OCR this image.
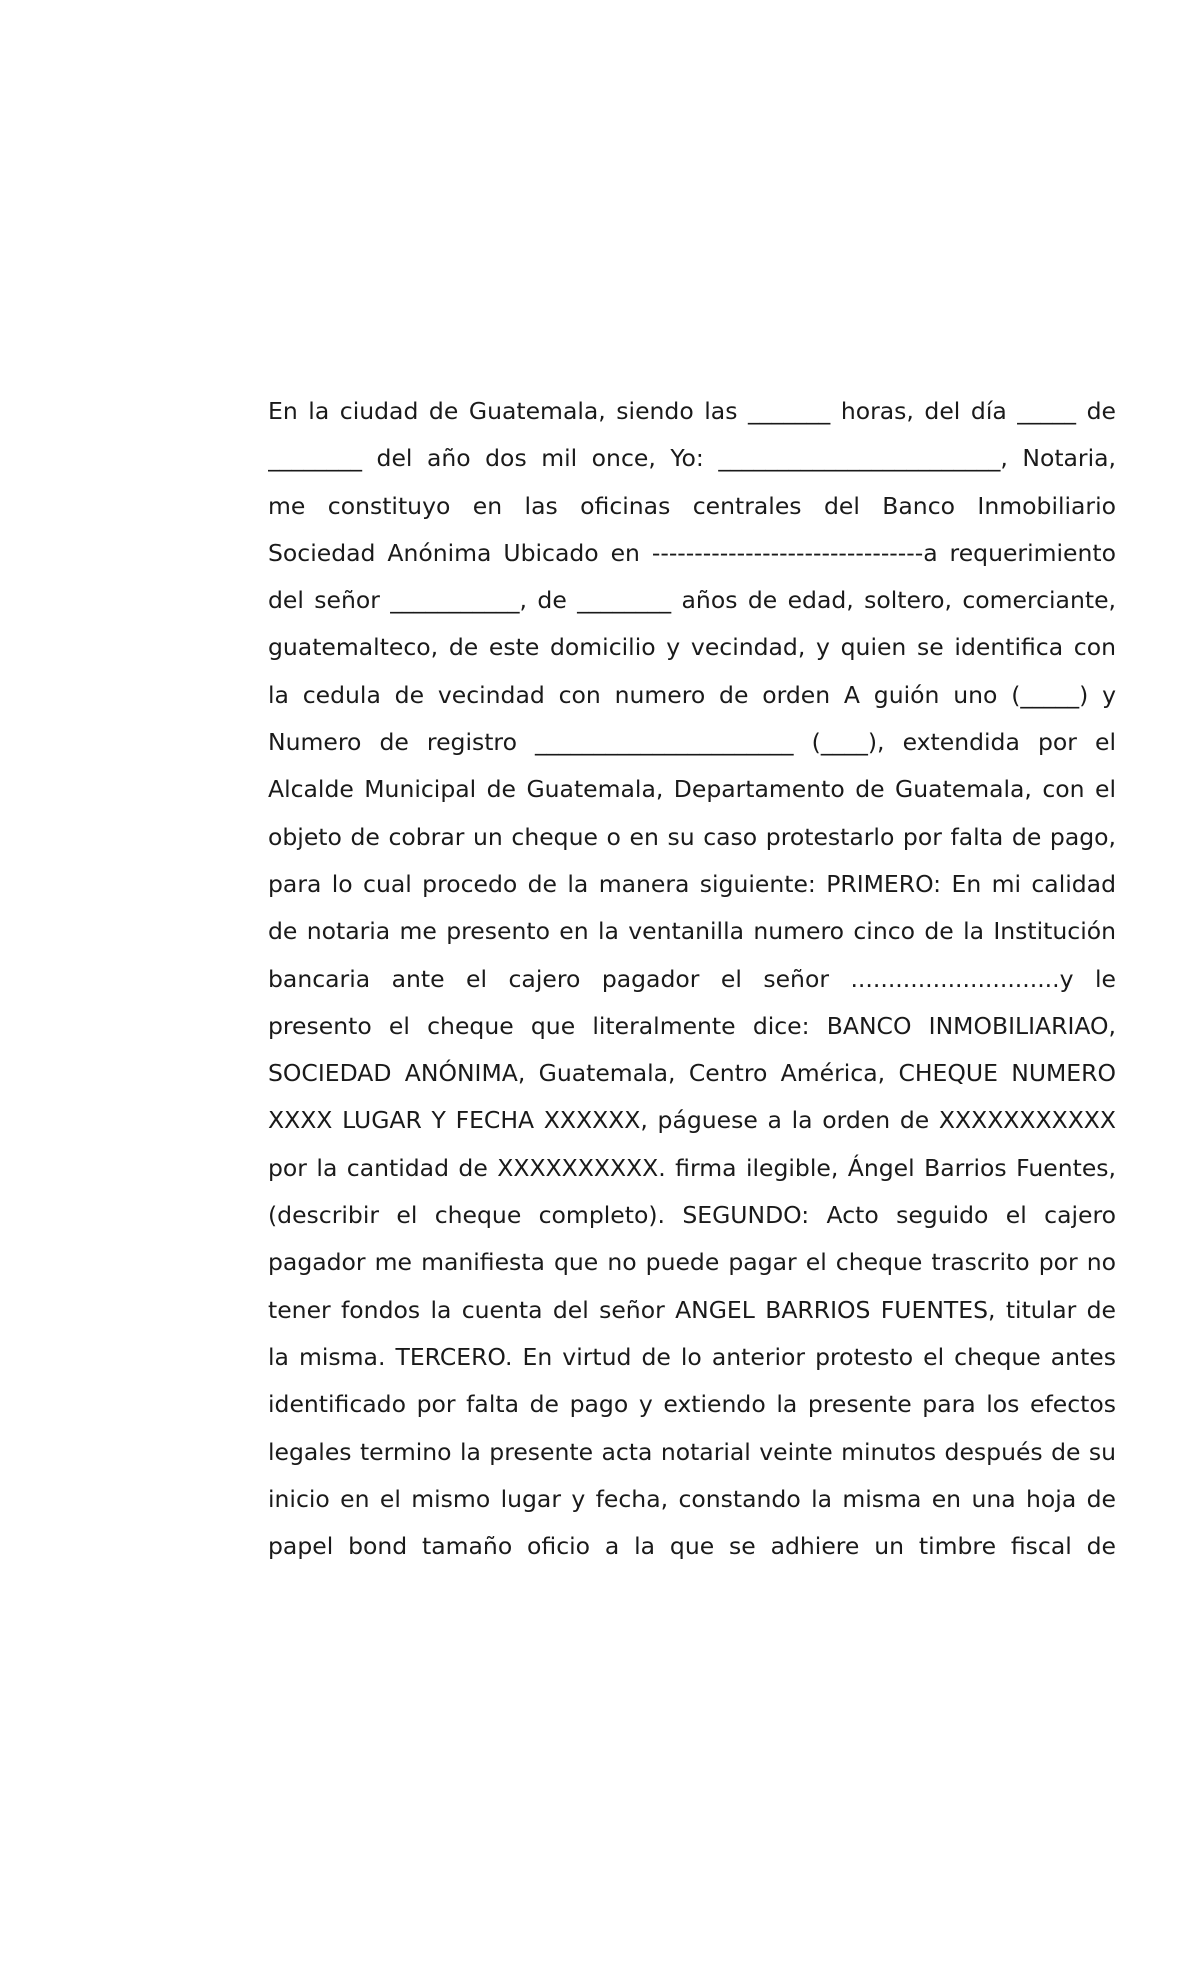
En la ciudad de Guatemala, siendo las _______ horas, del día _____ de
________ del año dos mil once, Yo: ________________________, Notaria,
me constituyo en las oficinas centrales del Banco Inmobiliario
Sociedad Anónima Ubicado en --------------------------------a requerimiento
del señor ___________, de ________ años de edad, soltero, comerciante,
guatemalteco, de este domicilio y vecindad, y quien se identifica con
la cedula de vecindad con numero de orden A guión uno (_____) y
Numero de registro ______________________ (____), extendida por el
Alcalde Municipal de Guatemala, Departamento de Guatemala, con el
objeto de cobrar un cheque o en su caso protestarlo por falta de pago,
para lo cual procedo de la manera siguiente: PRIMERO: En mi calidad
de notaria me presento en la ventanilla numero cinco de la Institución
bancaria ante el cajero pagador el señor ............................y le
presento el cheque que literalmente dice: BANCO INMOBILIARIAO,
SOCIEDAD ANÓNIMA, Guatemala, Centro América, CHEQUE NUMERO
XXXX LUGAR Y FECHA XXXXXX, páguese a la orden de XXXXXXXXXXX
por la cantidad de XXXXXXXXXX. firma ilegible, Ángel Barrios Fuentes,
(describir el cheque completo). SEGUNDO: Acto seguido el cajero
pagador me manifiesta que no puede pagar el cheque trascrito por no
tener fondos la cuenta del señor ANGEL BARRIOS FUENTES, titular de
la misma. TERCERO. En virtud de lo anterior protesto el cheque antes
identificado por falta de pago y extiendo la presente para los efectos
legales termino la presente acta notarial veinte minutos después de su
inicio en el mismo lugar y fecha, constando la misma en una hoja de
papel bond tamaño oficio a la que se adhiere un timbre fiscal de
